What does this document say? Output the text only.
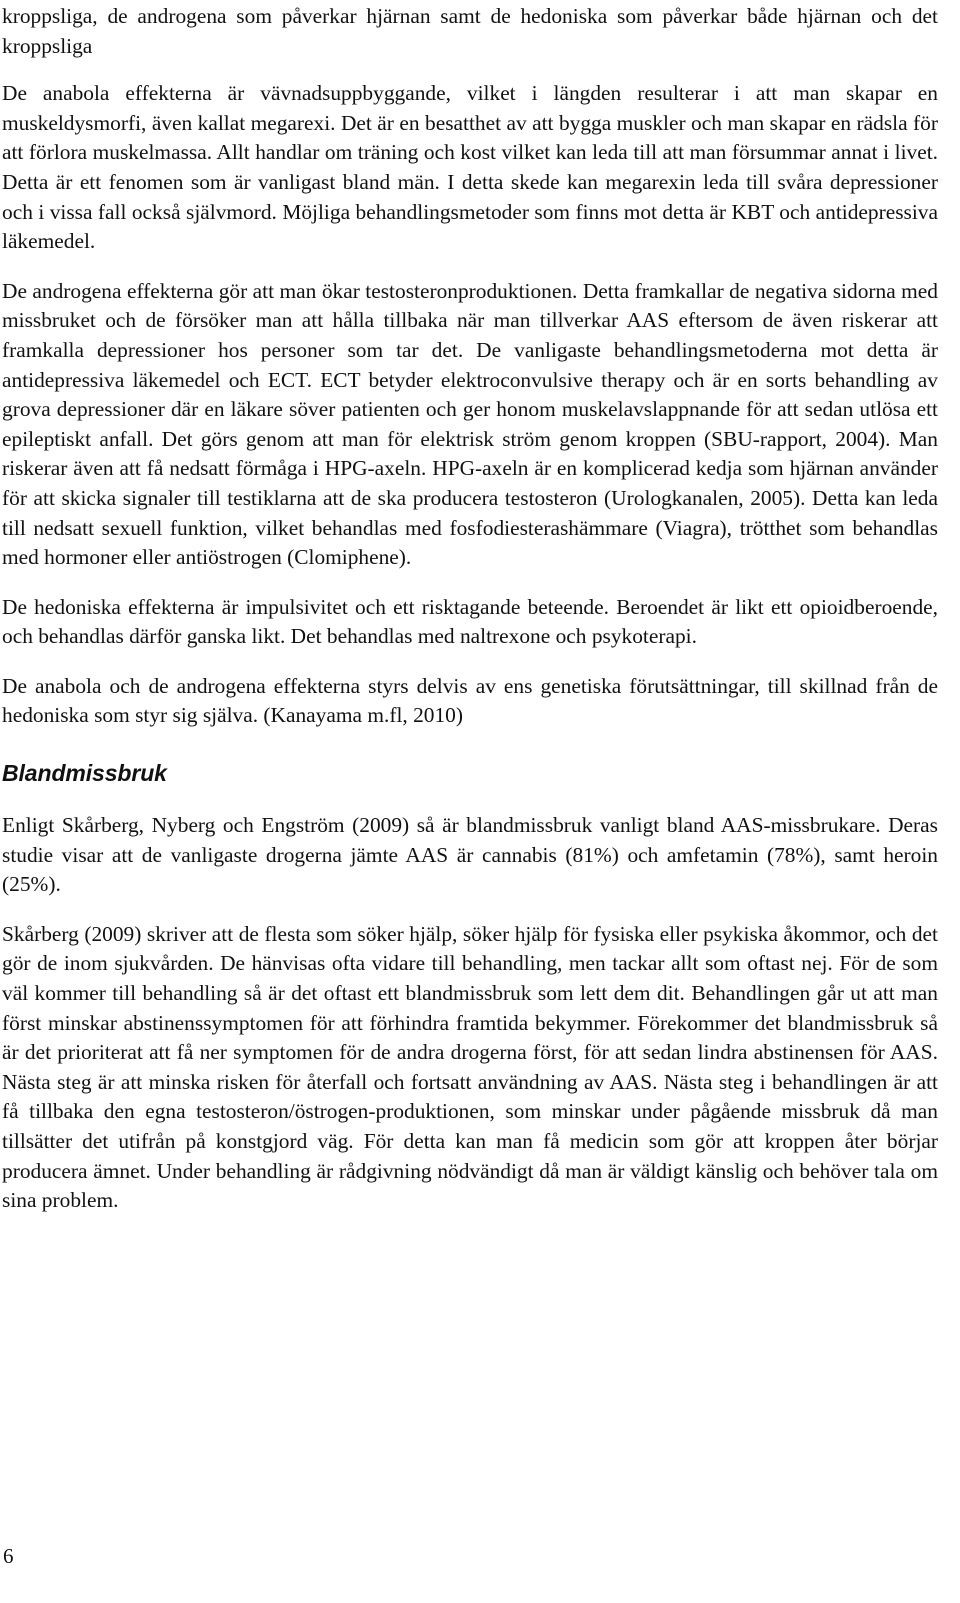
kroppsliga, de androgena som påverkar hjärnan samt de hedoniska som påverkar både hjärnan och det kroppsliga

De anabola effekterna är vävnadsuppbyggande, vilket i längden resulterar i att man skapar en muskeldysmorfi, även kallat megarexi. Det är en besatthet av att bygga muskler och man skapar en rädsla för att förlora muskelmassa. Allt handlar om träning och kost vilket kan leda till att man försummar annat i livet. Detta är ett fenomen som är vanligast bland män. I detta skede kan megarexin leda till svåra depressioner och i vissa fall också självmord. Möjliga behandlingsmetoder som finns mot detta är KBT och antidepressiva läkemedel.

De androgena effekterna gör att man ökar testosteronproduktionen. Detta framkallar de negativa sidorna med missbruket och de försöker man att hålla tillbaka när man tillverkar AAS eftersom de även riskerar att framkalla depressioner hos personer som tar det. De vanligaste behandlingsmetoderna mot detta är antidepressiva läkemedel och ECT. ECT betyder elektroconvulsive therapy och är en sorts behandling av grova depressioner där en läkare söver patienten och ger honom muskelavslappnande för att sedan utlösa ett epileptiskt anfall. Det görs genom att man för elektrisk ström genom kroppen (SBU-rapport, 2004). Man riskerar även att få nedsatt förmåga i HPG-axeln. HPG-axeln är en komplicerad kedja som hjärnan använder för att skicka signaler till testiklarna att de ska producera testosteron (Urologkanalen, 2005). Detta kan leda till nedsatt sexuell funktion, vilket behandlas med fosfodiesterashämmare (Viagra), trötthet som behandlas med hormoner eller antiöstrogen (Clomiphene).

De hedoniska effekterna är impulsivitet och ett risktagande beteende. Beroendet är likt ett opioidberoende, och behandlas därför ganska likt. Det behandlas med naltrexone och psykoterapi.

De anabola och de androgena effekterna styrs delvis av ens genetiska förutsättningar, till skillnad från de hedoniska som styr sig själva. (Kanayama m.fl, 2010)

Blandmissbruk

Enligt Skårberg, Nyberg och Engström (2009) så är blandmissbruk vanligt bland AAS-missbrukare. Deras studie visar att de vanligaste drogerna jämte AAS är cannabis (81%) och amfetamin (78%), samt heroin (25%).

Skårberg (2009) skriver att de flesta som söker hjälp, söker hjälp för fysiska eller psykiska åkommor, och det gör de inom sjukvården. De hänvisas ofta vidare till behandling, men tackar allt som oftast nej. För de som väl kommer till behandling så är det oftast ett blandmissbruk som lett dem dit. Behandlingen går ut att man först minskar abstinenssymptomen för att förhindra framtida bekymmer. Förekommer det blandmissbruk så är det prioriterat att få ner symptomen för de andra drogerna först, för att sedan lindra abstinensen för AAS. Nästa steg är att minska risken för återfall och fortsatt användning av AAS. Nästa steg i behandlingen är att få tillbaka den egna testosteron/östrogen-produktionen, som minskar under pågående missbruk då man tillsätter det utifrån på konstgjord väg. För detta kan man få medicin som gör att kroppen åter börjar producera ämnet. Under behandling är rådgivning nödvändigt då man är väldigt känslig och behöver tala om sina problem.

6
